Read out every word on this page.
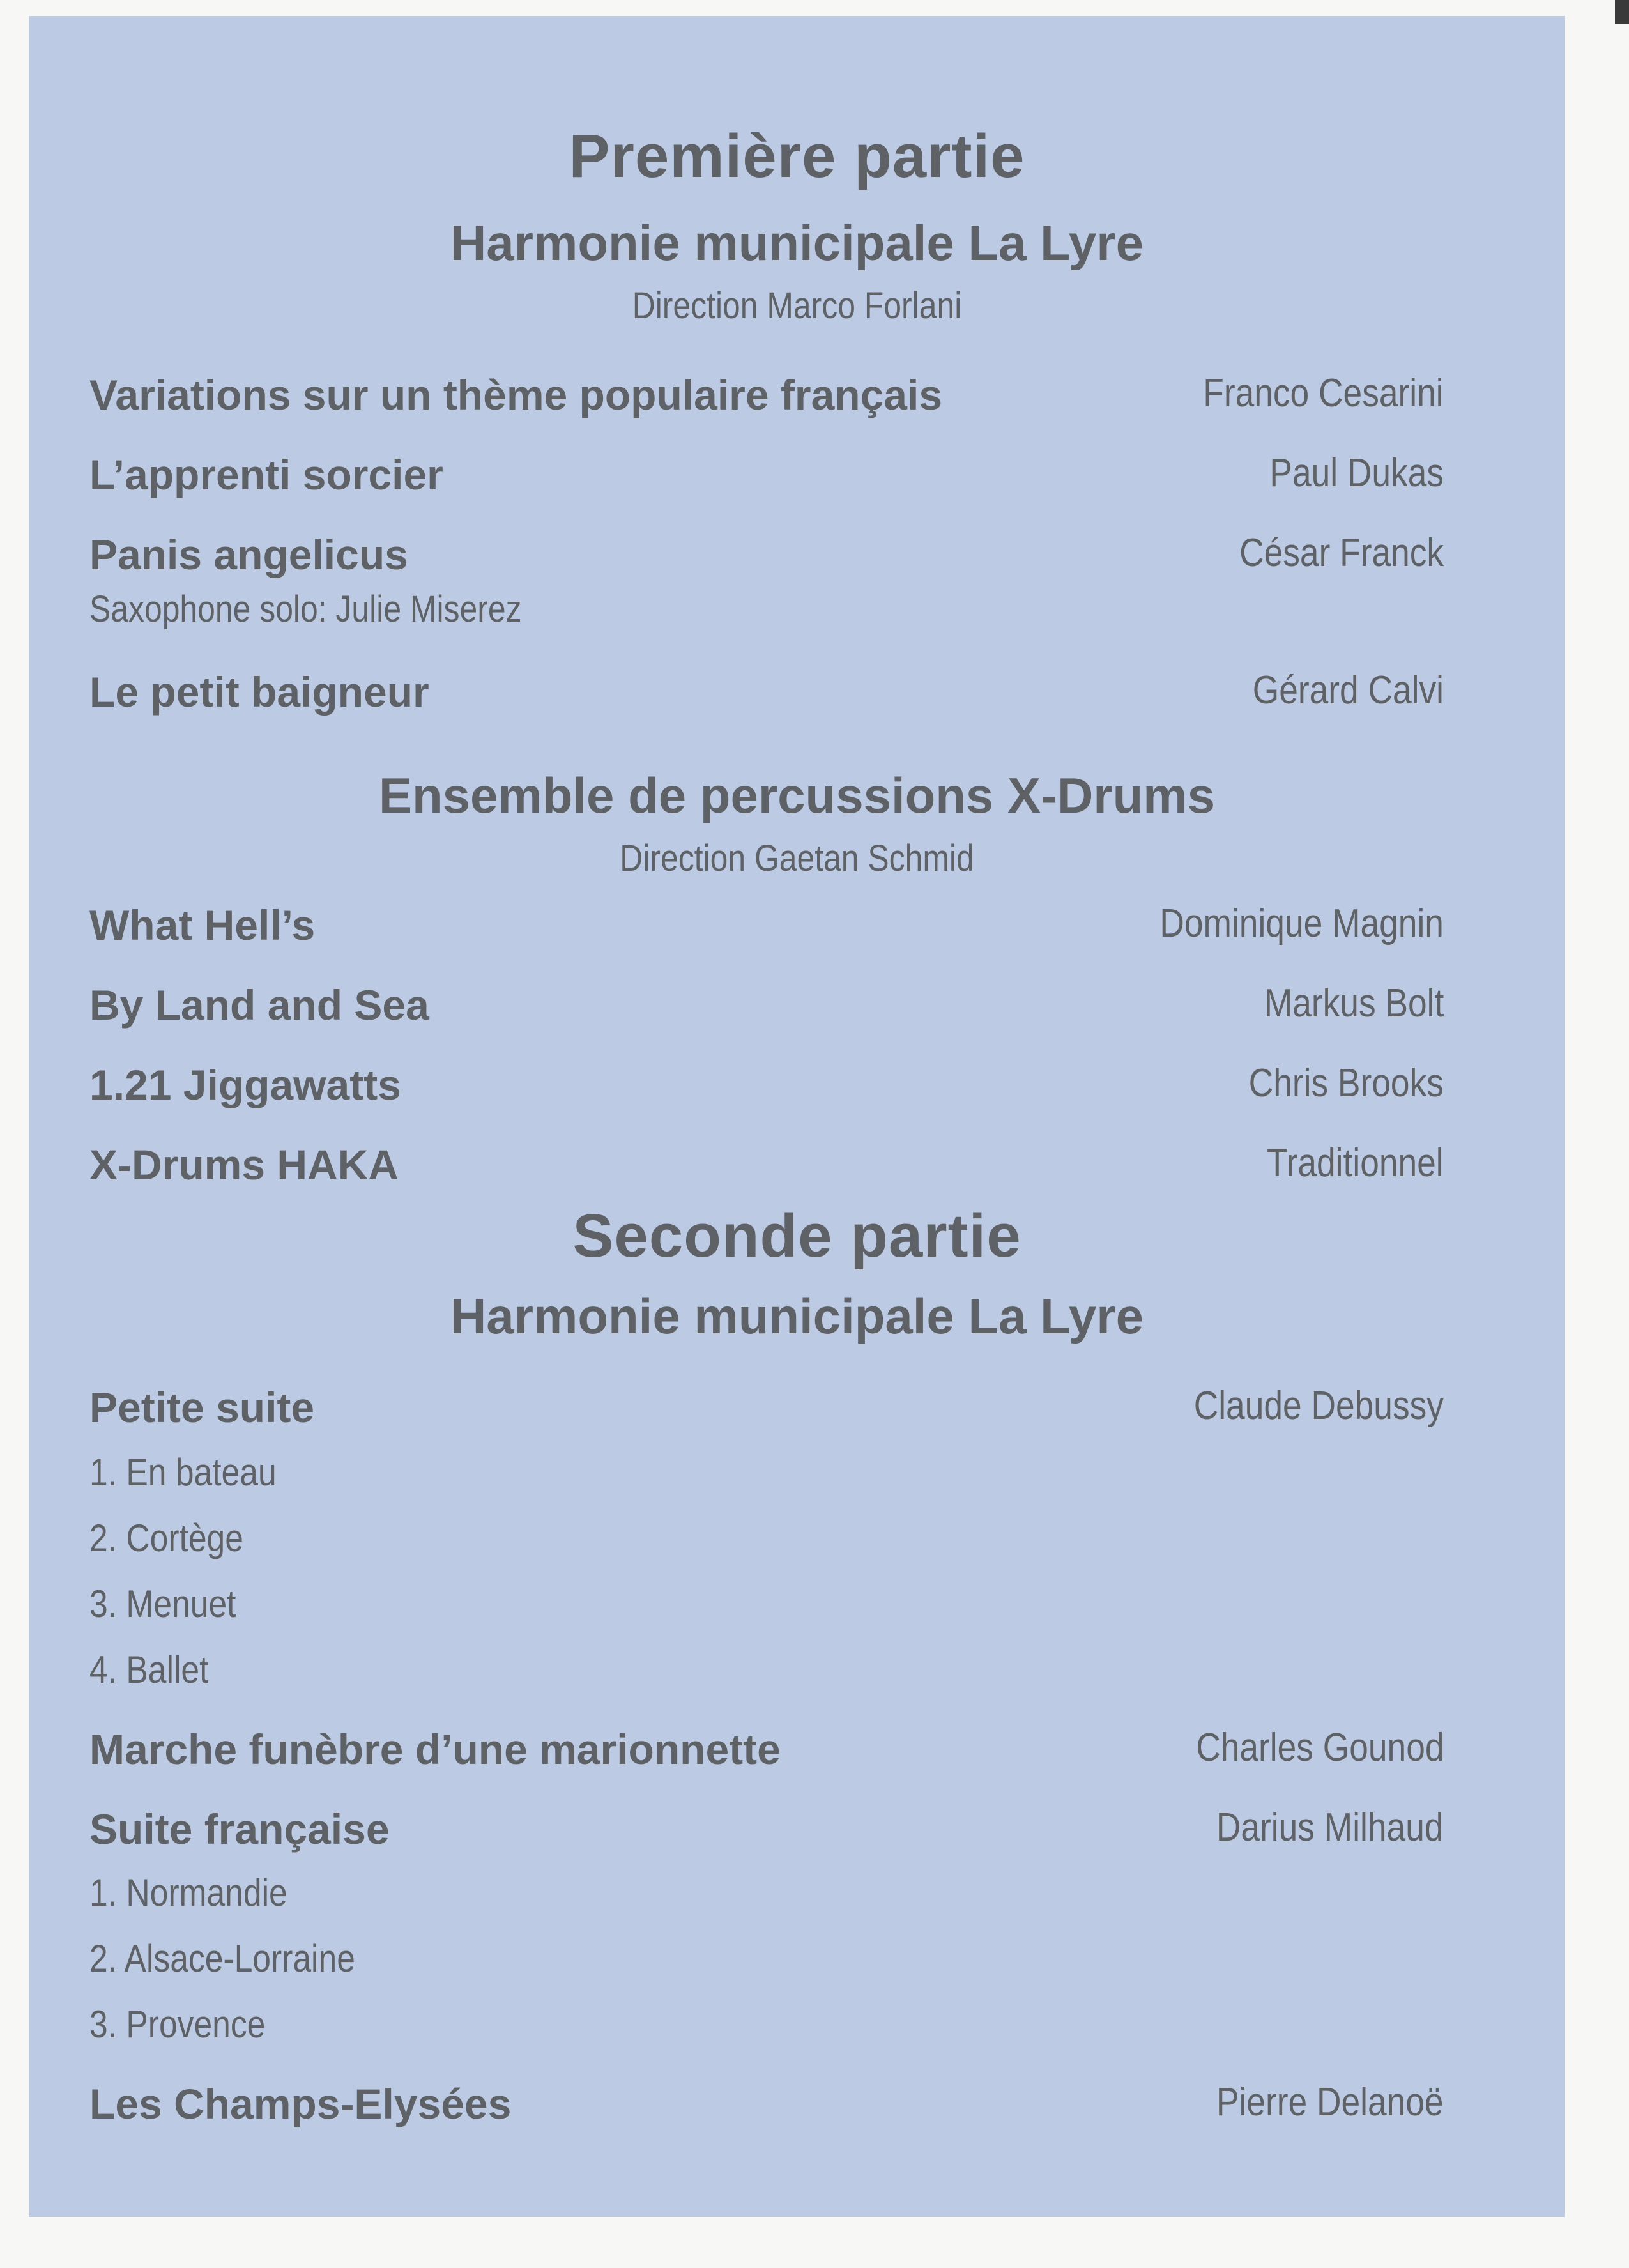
Première partie
Harmonie municipale La Lyre
Direction Marco Forlani
Variations sur un thème populaire français	Franco Cesarini
L’apprenti sorcier	Paul Dukas
Panis angelicus	César Franck
Saxophone solo: Julie Miserez
Le petit baigneur	Gérard Calvi
Ensemble de percussions X-Drums
Direction Gaetan Schmid
What Hell’s	Dominique Magnin
By Land and Sea	Markus Bolt
1.21 Jiggawatts	Chris Brooks
X-Drums HAKA	Traditionnel
Seconde partie
Harmonie municipale La Lyre
Petite suite	Claude Debussy
1. En bateau
2. Cortège
3. Menuet
4. Ballet
Marche funèbre d’une marionnette	Charles Gounod
Suite française	Darius Milhaud
1. Normandie
2. Alsace-Lorraine
3. Provence
Les Champs-Elysées	Pierre Delanoë
